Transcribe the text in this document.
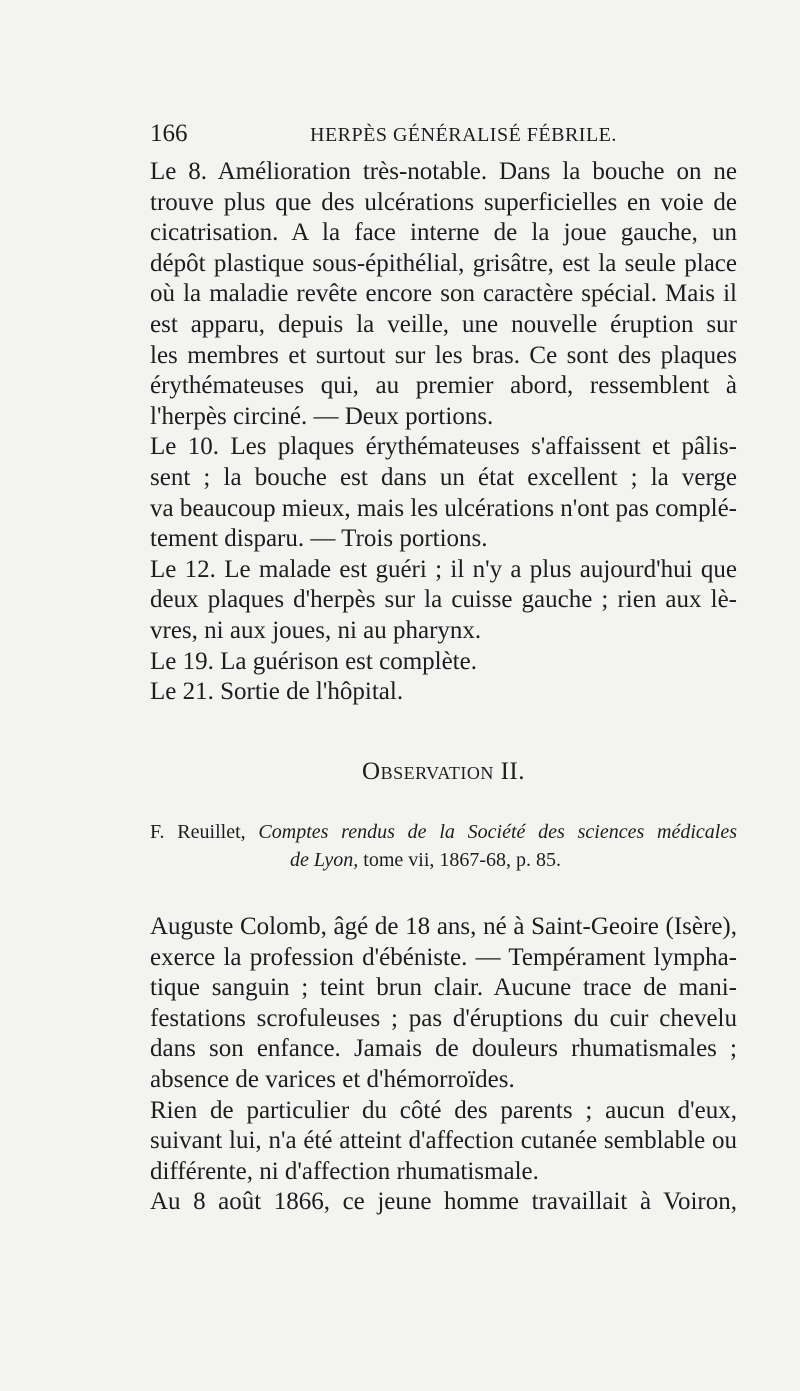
166	HERPÈS GÉNÉRALISÉ FÉBRILE.
Le 8. Amélioration très-notable. Dans la bouche on ne
trouve plus que des ulcérations superficielles en voie de
cicatrisation. A la face interne de la joue gauche, un
dépôt plastique sous-épithélial, grisâtre, est la seule place
où la maladie revête encore son caractère spécial. Mais il
est apparu, depuis la veille, une nouvelle éruption sur
les membres et surtout sur les bras. Ce sont des plaques
érythémateuses qui, au premier abord, ressemblent à
l'herpès circiné. — Deux portions.
Le 10. Les plaques érythémateuses s'affaissent et pâlis-
sent ; la bouche est dans un état excellent ; la verge
va beaucoup mieux, mais les ulcérations n'ont pas complé-
tement disparu. — Trois portions.
Le 12. Le malade est guéri ; il n'y a plus aujourd'hui que
deux plaques d'herpès sur la cuisse gauche ; rien aux lè-
vres, ni aux joues, ni au pharynx.
Le 19. La guérison est complète.
Le 21. Sortie de l'hôpital.
Observation II.
F. Reuillet, Comptes rendus de la Société des sciences médicales
de Lyon, tome vii, 1867-68, p. 85.
Auguste Colomb, âgé de 18 ans, né à Saint-Geoire (Isère),
exerce la profession d'ébéniste. — Tempérament lympha-
tique sanguin ; teint brun clair. Aucune trace de mani-
festations scrofuleuses ; pas d'éruptions du cuir chevelu
dans son enfance. Jamais de douleurs rhumatismales ;
absence de varices et d'hémorroïdes.
Rien de particulier du côté des parents ; aucun d'eux,
suivant lui, n'a été atteint d'affection cutanée semblable ou
différente, ni d'affection rhumatismale.
Au 8 août 1866, ce jeune homme travaillait à Voiron,
